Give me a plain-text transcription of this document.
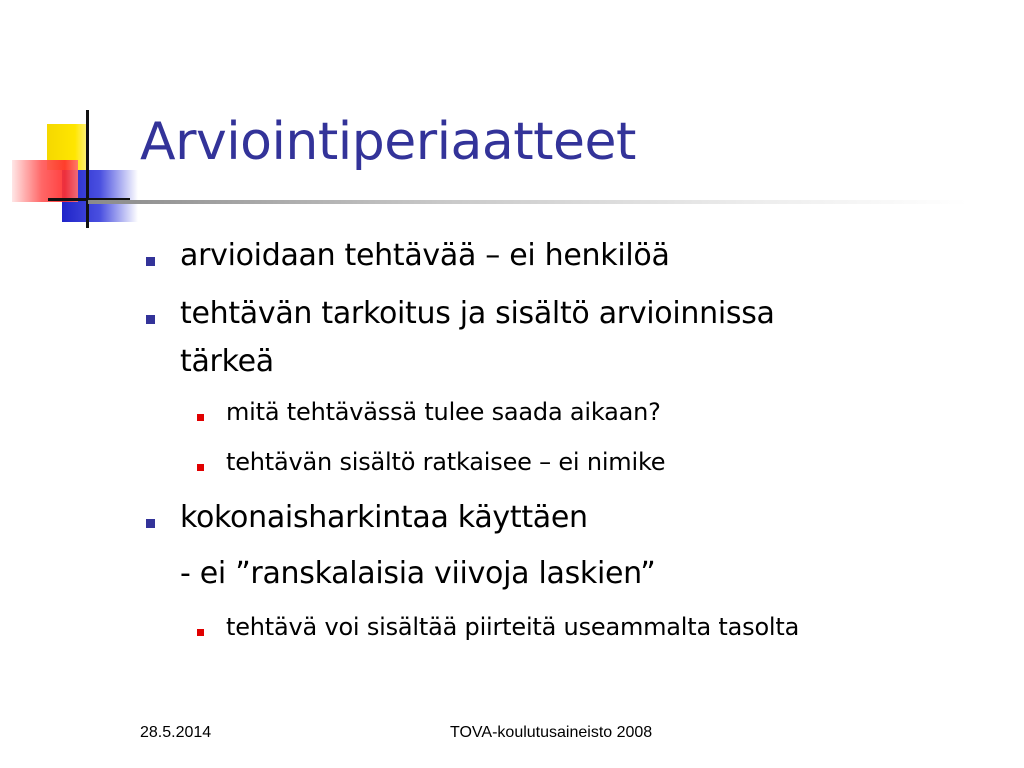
Arviointiperiaatteet
arvioidaan tehtävää – ei henkilöä
tehtävän tarkoitus ja sisältö arvioinnissa
tärkeä
mitä tehtävässä tulee saada aikaan?
tehtävän sisältö ratkaisee – ei nimike
kokonaisharkintaa käyttäen
- ei ”ranskalaisia viivoja laskien”
tehtävä voi sisältää piirteitä useammalta tasolta
28.5.2014	TOVA-koulutusaineisto 2008
